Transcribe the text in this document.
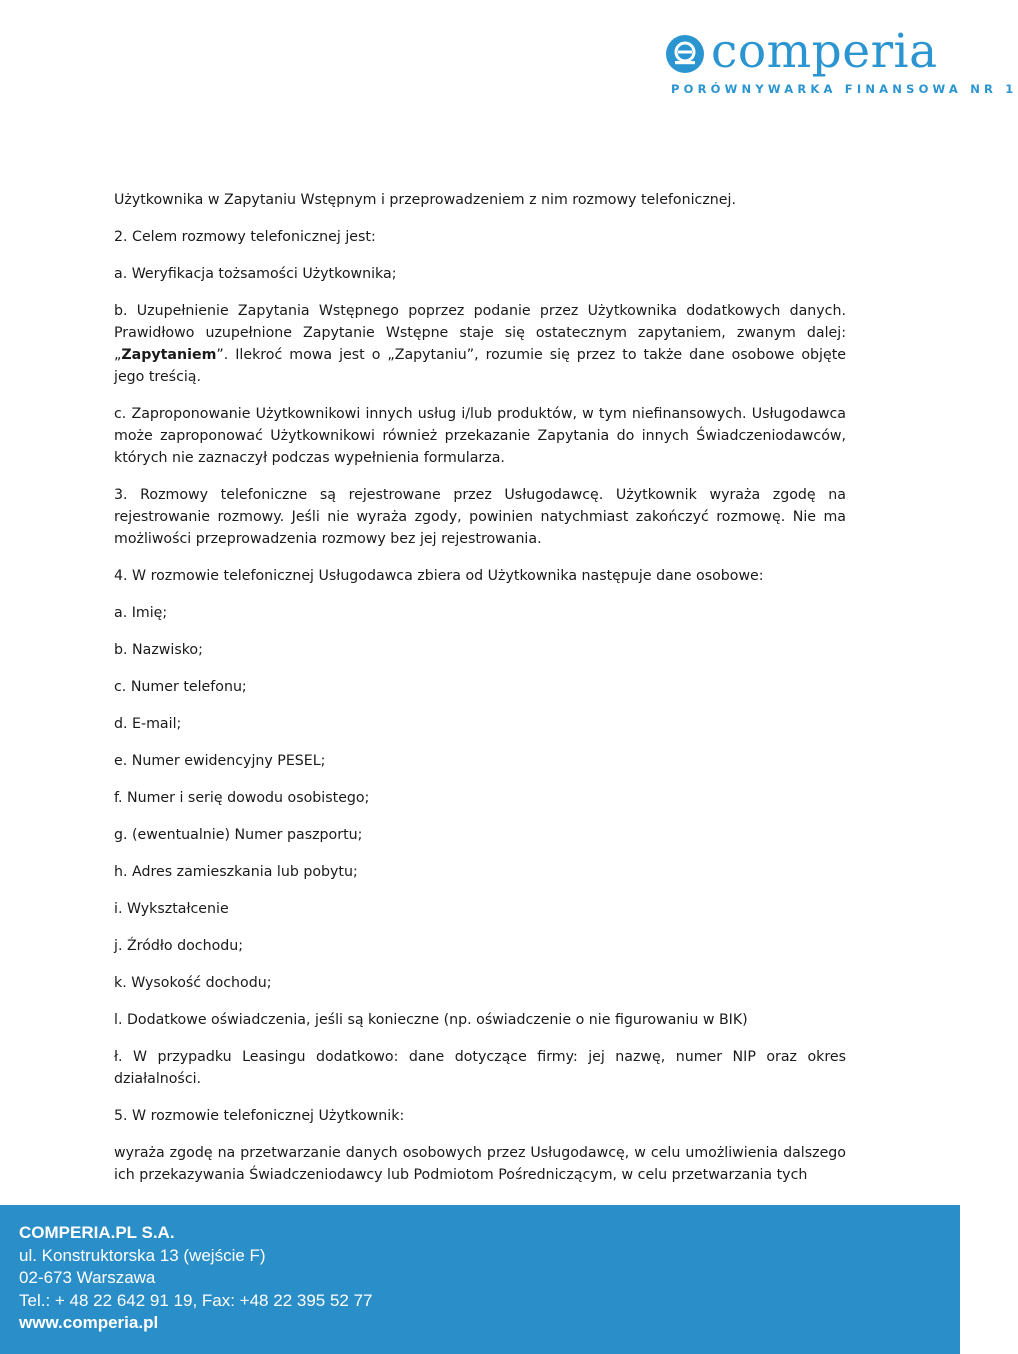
comperia
PORÓWNYWARKA FINANSOWA NR 1

Użytkownika w Zapytaniu Wstępnym i przeprowadzeniem z nim rozmowy telefonicznej.

2. Celem rozmowy telefonicznej jest:

a. Weryfikacja tożsamości Użytkownika;

b. Uzupełnienie Zapytania Wstępnego poprzez podanie przez Użytkownika dodatkowych danych. Prawidłowo uzupełnione Zapytanie Wstępne staje się ostatecznym zapytaniem, zwanym dalej: „Zapytaniem”. Ilekroć mowa jest o „Zapytaniu”, rozumie się przez to także dane osobowe objęte jego treścią.

c. Zaproponowanie Użytkownikowi innych usług i/lub produktów, w tym niefinansowych. Usługodawca może zaproponować Użytkownikowi również przekazanie Zapytania do innych Świadczeniodawców, których nie zaznaczył podczas wypełnienia formularza.

3. Rozmowy telefoniczne są rejestrowane przez Usługodawcę. Użytkownik wyraża zgodę na rejestrowanie rozmowy. Jeśli nie wyraża zgody, powinien natychmiast zakończyć rozmowę. Nie ma możliwości przeprowadzenia rozmowy bez jej rejestrowania.

4. W rozmowie telefonicznej Usługodawca zbiera od Użytkownika następuje dane osobowe:

a. Imię;

b. Nazwisko;

c. Numer telefonu;

d. E-mail;

e. Numer ewidencyjny PESEL;

f. Numer i serię dowodu osobistego;

g. (ewentualnie) Numer paszportu;

h. Adres zamieszkania lub pobytu;

i. Wykształcenie

j. Źródło dochodu;

k. Wysokość dochodu;

l. Dodatkowe oświadczenia, jeśli są konieczne (np. oświadczenie o nie figurowaniu w BIK)

ł. W przypadku Leasingu dodatkowo: dane dotyczące firmy: jej nazwę, numer NIP oraz okres działalności.

5. W rozmowie telefonicznej Użytkownik:

wyraża zgodę na przetwarzanie danych osobowych przez Usługodawcę, w celu umożliwienia dalszego ich przekazywania Świadczeniodawcy lub Podmiotom Pośredniczącym, w celu przetwarzania tych

COMPERIA.PL S.A.
ul. Konstruktorska 13 (wejście F)
02-673 Warszawa
Tel.: + 48 22 642 91 19, Fax: +48 22 395 52 77
www.comperia.pl
